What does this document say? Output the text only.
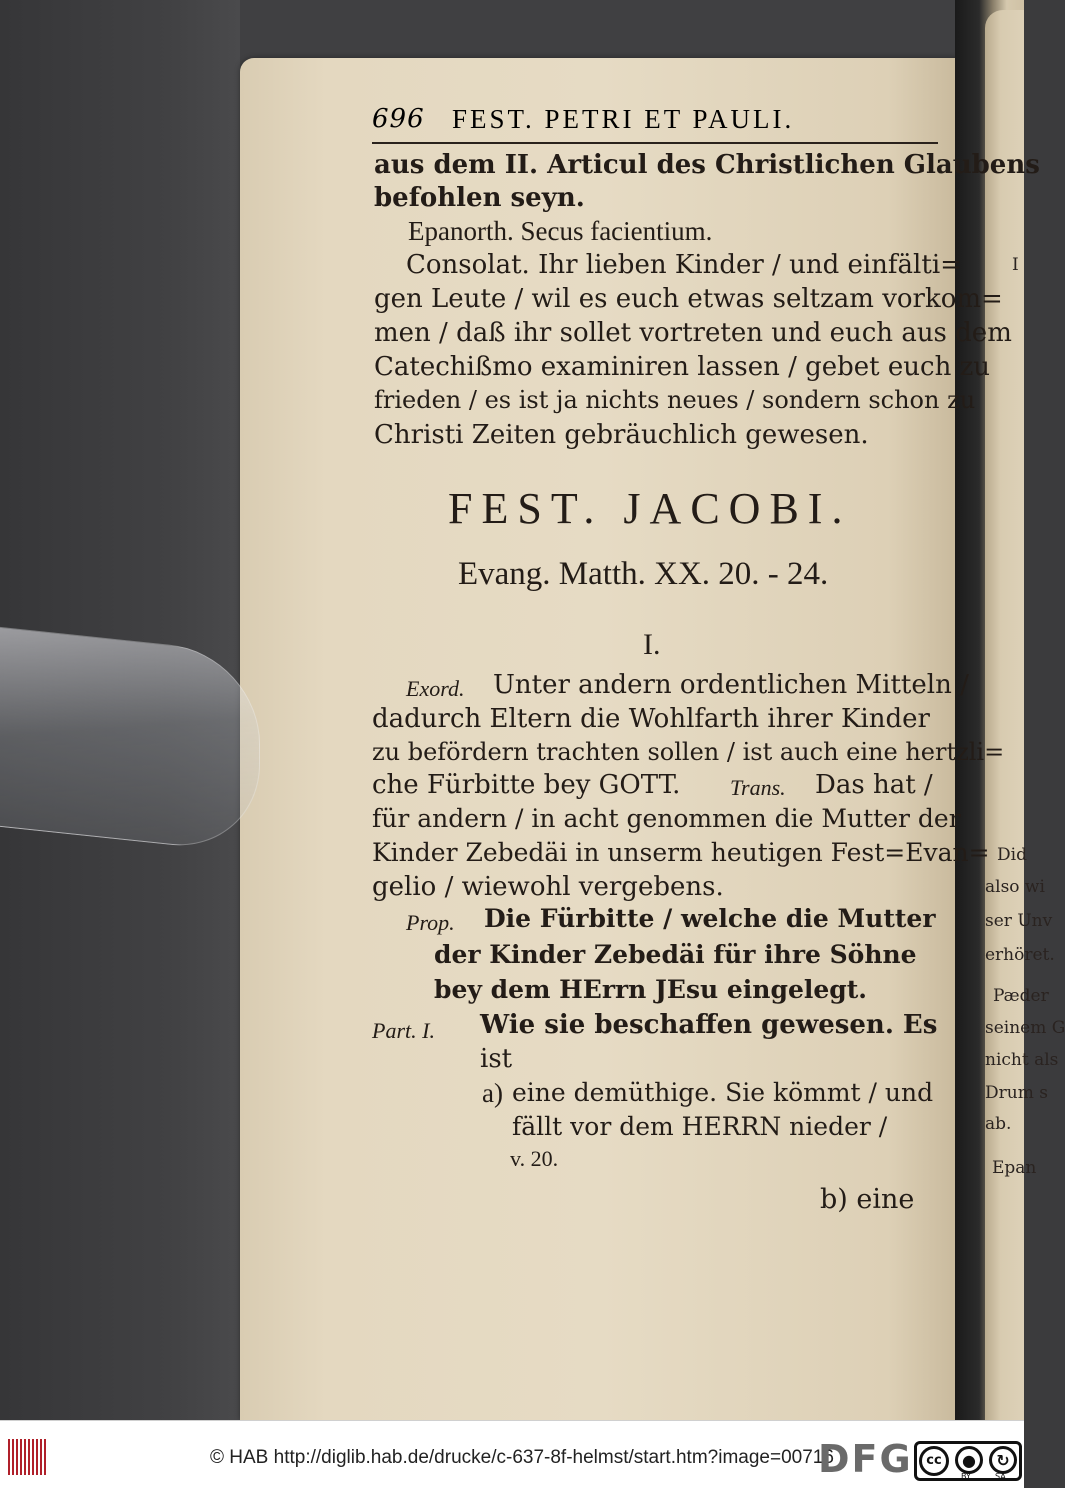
I
Did
also wi
ser Unv
erhöret.
Pæder
seinem G
nicht als
Drum s
ab.
Epan
696 FEST. PETRI ET PAULI.
aus dem II. Articul des Christlichen Glaubens
befohlen seyn.
Epanorth. Secus facientium.
Consolat. Ihr lieben Kinder / und einfälti=
gen Leute / wil es euch etwas seltzam vorkom=
men / daß ihr sollet vortreten und euch aus dem
Catechißmo examiniren lassen / gebet euch zu
frieden / es ist ja nichts neues / sondern schon zu
Christi Zeiten gebräuchlich gewesen.
FEST. JACOBI.
Evang. Matth. XX. 20. - 24.
I.
Exord. Unter andern ordentlichen Mitteln /
dadurch Eltern die Wohlfarth ihrer Kinder
zu befördern trachten sollen / ist auch eine hertzli=
che Fürbitte bey GOTT. Trans. Das hat /
für andern / in acht genommen die Mutter der
Kinder Zebedäi in unserm heutigen Fest=Evan=
gelio / wiewohl vergebens.
Prop. Die Fürbitte / welche die Mutter
der Kinder Zebedäi für ihre Söhne
bey dem HErrn JEsu eingelegt.
Part. I. Wie sie beschaffen gewesen. Es
ist
a) eine demüthige. Sie kömmt / und
fällt vor dem HERRN nieder /
v. 20.
b) eine
© HAB http://diglib.hab.de/drucke/c-637-8f-helmst/start.htm?image=00716
DFG	cc	●	↻
BY	SA
